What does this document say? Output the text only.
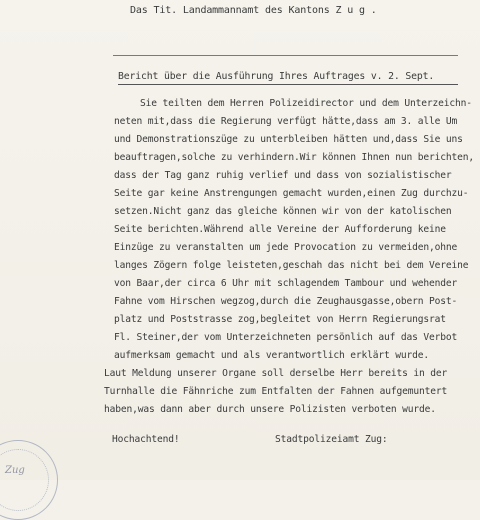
Das Tit. Landammannamt des Kantons Z u g .
Bericht über die Ausführung Ihres Auftrages v. 2. Sept.
Sie teilten dem Herren Polizeidirector und dem Unterzeichn-
neten mit,dass die Regierung verfügt hätte,dass am 3. alle Um
und Demonstrationszüge zu unterbleiben hätten und,dass Sie uns
beauftragen,solche zu verhindern.Wir können Ihnen nun berichten,
dass der Tag ganz ruhig verlief und dass von sozialistischer
Seite gar keine Anstrengungen gemacht wurden,einen Zug durchzu-
setzen.Nicht ganz das gleiche können wir von der katolischen
Seite berichten.Während alle Vereine der Aufforderung keine
Einzüge zu veranstalten um jede Provocation zu vermeiden,ohne
langes Zögern folge leisteten,geschah das nicht bei dem Vereine
von Baar,der circa 6 Uhr mit schlagendem Tambour und wehender
Fahne vom Hirschen wegzog,durch die Zeughausgasse,obern Post-
platz und Poststrasse zog,begleitet von Herrn Regierungsrat
Fl. Steiner,der vom Unterzeichneten persönlich auf das Verbot
aufmerksam gemacht und als verantwortlich erklärt wurde.
Laut Meldung unserer Organe soll derselbe Herr bereits in der
Turnhalle die Fähnriche zum Entfalten der Fahnen aufgemuntert
haben,was dann aber durch unsere Polizisten verboten wurde.
Hochachtend!	Stadtpolizeiamt Zug:
Zug
